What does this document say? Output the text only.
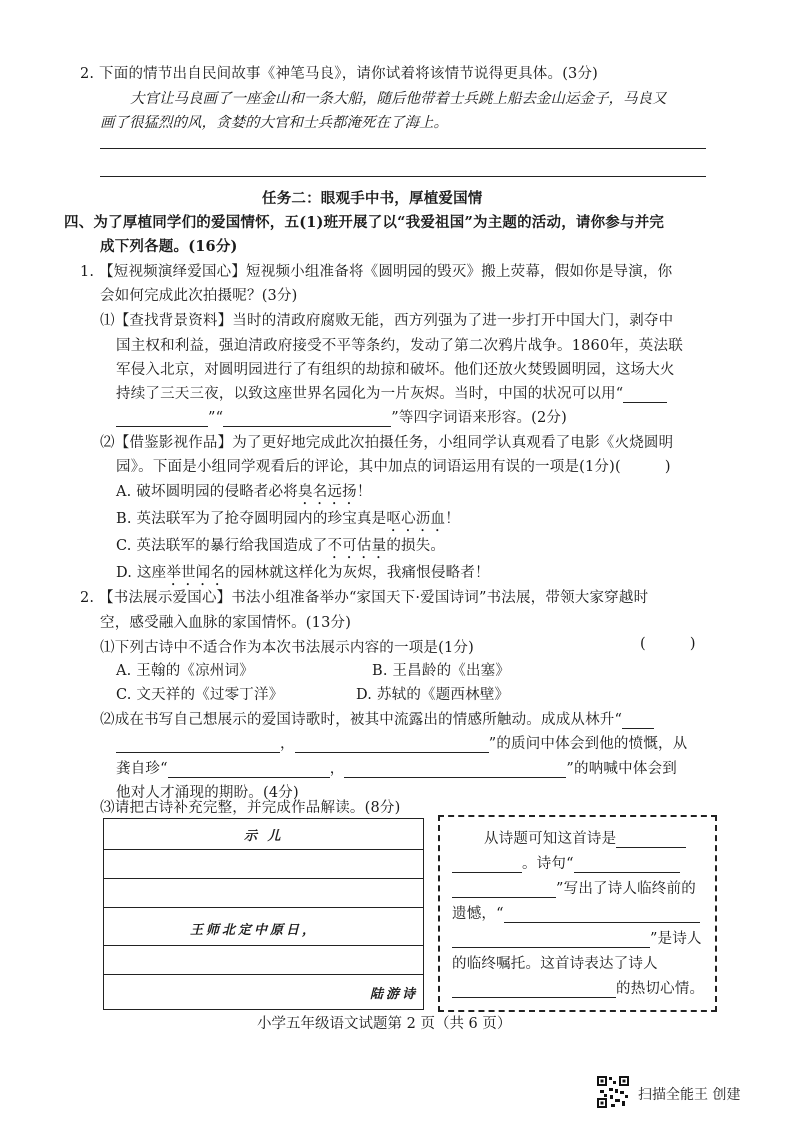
2. 下面的情节出自民间故事《神笔马良》，请你试着将该情节说得更具体。(3分)
大官让马良画了一座金山和一条大船，随后他带着士兵跳上船去金山运金子，马良又
画了很猛烈的风，贪婪的大官和士兵都淹死在了海上。
任务二：眼观手中书，厚植爱国情
四、为了厚植同学们的爱国情怀，五(1)班开展了以“我爱祖国”为主题的活动，请你参与并完
成下列各题。(16分)
1. 【短视频演绎爱国心】短视频小组准备将《圆明园的毁灭》搬上荧幕，假如你是导演，你
会如何完成此次拍摄呢？(3分)
⑴【查找背景资料】当时的清政府腐败无能，西方列强为了进一步打开中国大门，剥夺中
国主权和利益，强迫清政府接受不平等条约，发动了第二次鸦片战争。1860年，英法联
军侵入北京，对圆明园进行了有组织的劫掠和破坏。他们还放火焚毁圆明园，这场大火
持续了三天三夜，以致这座世界名园化为一片灰烬。当时，中国的状况可以用“
”“	”等四字词语来形容。(2分)
⑵【借鉴影视作品】为了更好地完成此次拍摄任务，小组同学认真观看了电影《火烧圆明
园》。下面是小组同学观看后的评论，其中加点的词语运用有误的一项是(1分)(	)
A. 破坏圆明园的侵略者必将臭名远扬！
B. 英法联军为了抢夺圆明园内的珍宝真是呕心沥血！
C. 英法联军的暴行给我国造成了不可估量的损失。
D. 这座举世闻名的园林就这样化为灰烬，我痛恨侵略者！
2. 【书法展示爱国心】书法小组准备举办“家国天下·爱国诗词”书法展，带领大家穿越时
空，感受融入血脉的家国情怀。(13分)
⑴下列古诗中不适合作为本次书法展示内容的一项是(1分)	(	)
A. 王翰的《凉州词》	B. 王昌龄的《出塞》
C. 文天祥的《过零丁洋》	D. 苏轼的《题西林壁》
⑵成在书写自己想展示的爱国诗歌时，被其中流露出的情感所触动。成成从林升“
，	”的质问中体会到他的愤慨，从
龚自珍“	，	”的呐喊中体会到
他对人才涌现的期盼。(4分)
⑶请把古诗补充完整，并完成作品解读。(8分)
示 儿
王师北定中原日，
陆游诗
从诗题可知这首诗是
。诗句“
”写出了诗人临终前的
遗憾，“
”是诗人
的临终嘱托。这首诗表达了诗人
的热切心情。
小学五年级语文试题第 2 页（共 6 页）
扫描全能王 创建
